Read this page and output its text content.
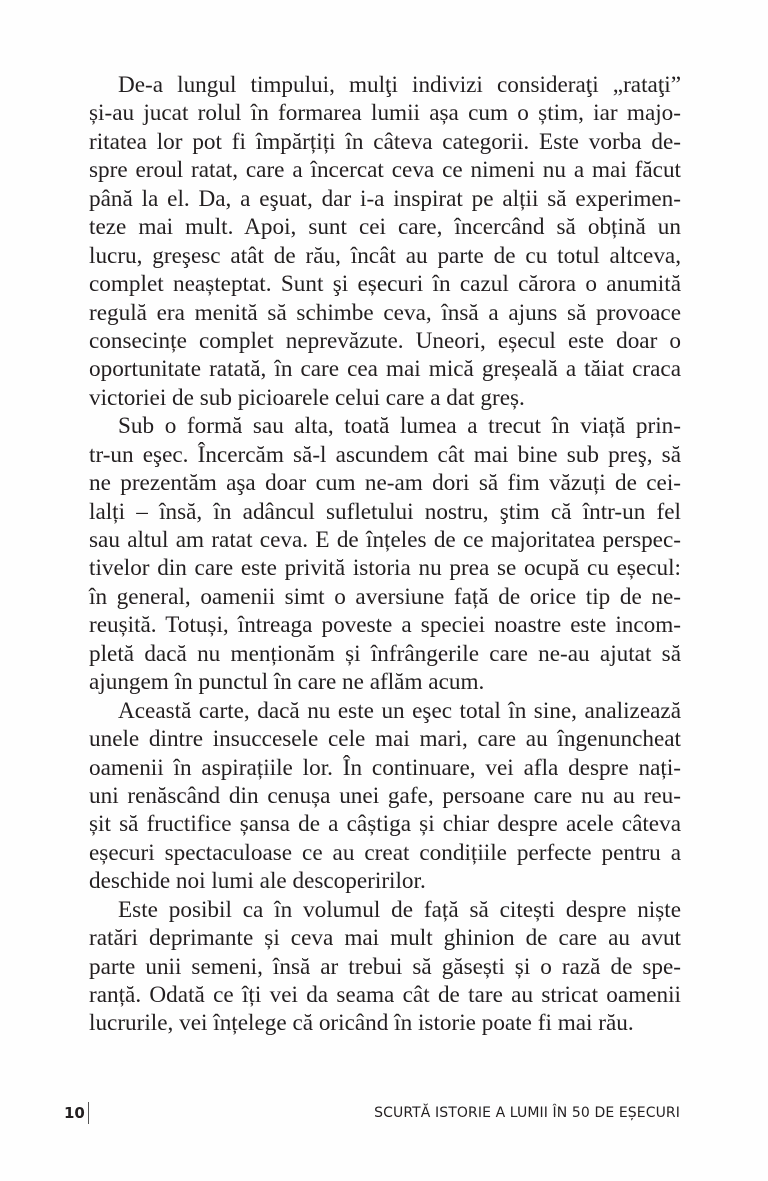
De-a lungul timpului, mulţi indivizi consideraţi „rataţi”
și-au jucat rolul în formarea lumii așa cum o știm, iar majo-
ritatea lor pot fi împărțiți în câteva categorii. Este vorba de-
spre eroul ratat, care a încercat ceva ce nimeni nu a mai făcut
până la el. Da, a eşuat, dar i-a inspirat pe alții să experimen-
teze mai mult. Apoi, sunt cei care, încercând să obțină un
lucru, greşesc atât de rău, încât au parte de cu totul altceva,
complet neașteptat. Sunt şi eșecuri în cazul cărora o anumită
regulă era menită să schimbe ceva, însă a ajuns să provoace
consecințe complet neprevăzute. Uneori, eșecul este doar o
oportunitate ratată, în care cea mai mică greșeală a tăiat craca
victoriei de sub picioarele celui care a dat greș.
Sub o formă sau alta, toată lumea a trecut în viață prin-
tr-un eşec. Încercăm să-l ascundem cât mai bine sub preş, să
ne prezentăm aşa doar cum ne-am dori să fim văzuți de cei-
lalți – însă, în adâncul sufletului nostru, ştim că într-un fel
sau altul am ratat ceva. E de înțeles de ce majoritatea perspec-
tivelor din care este privită istoria nu prea se ocupă cu eșecul:
în general, oamenii simt o aversiune față de orice tip de ne-
reușită. Totuși, întreaga poveste a speciei noastre este incom-
pletă dacă nu menționăm și înfrângerile care ne-au ajutat să
ajungem în punctul în care ne aflăm acum.
Această carte, dacă nu este un eşec total în sine, analizează
unele dintre insuccesele cele mai mari, care au îngenuncheat
oamenii în aspirațiile lor. În continuare, vei afla despre nați-
uni renăscând din cenușa unei gafe, persoane care nu au reu-
șit să fructifice șansa de a câștiga și chiar despre acele câteva
eșecuri spectaculoase ce au creat condițiile perfecte pentru a
deschide noi lumi ale descoperirilor.
Este posibil ca în volumul de față să citești despre niște
ratări deprimante și ceva mai mult ghinion de care au avut
parte unii semeni, însă ar trebui să găsești și o rază de spe-
ranță. Odată ce îți vei da seama cât de tare au stricat oamenii
lucrurile, vei înțelege că oricând în istorie poate fi mai rău.
10	SCURTĂ ISTORIE A LUMII ÎN 50 DE EȘECURI
